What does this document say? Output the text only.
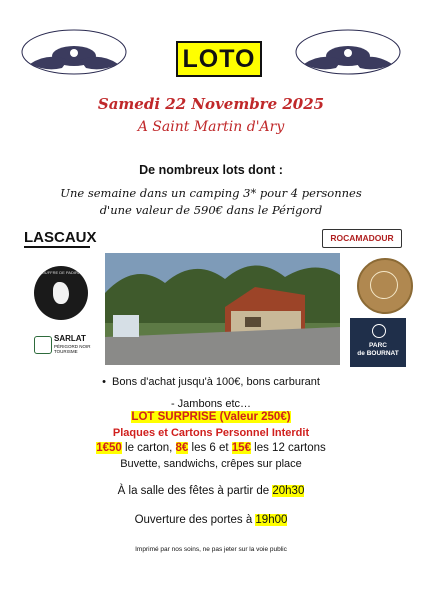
LOTO
Samedi 22 Novembre 2025
A Saint Martin d'Ary
De nombreux lots dont :
Une semaine dans un camping 3* pour 4 personnes
d'une valeur de 590€ dans le Périgord
LASCAUX	ROCAMADOUR
GOUFFRE DE PADIRAC
SARLAT
PÉRIGORD NOIR TOURISME
PARC
de BOURNAT
•  Bons d'achat jusqu'à 100€, bons carburant
- Jambons etc…
LOT SURPRISE (Valeur 250€)
Plaques et Cartons Personnel Interdit
1€50 le carton, 8€ les 6 et 15€ les 12 cartons
Buvette, sandwichs, crêpes sur place
À la salle des fêtes à partir de 20h30
Ouverture des portes à 19h00
Imprimé par nos soins, ne pas jeter sur la voie public
